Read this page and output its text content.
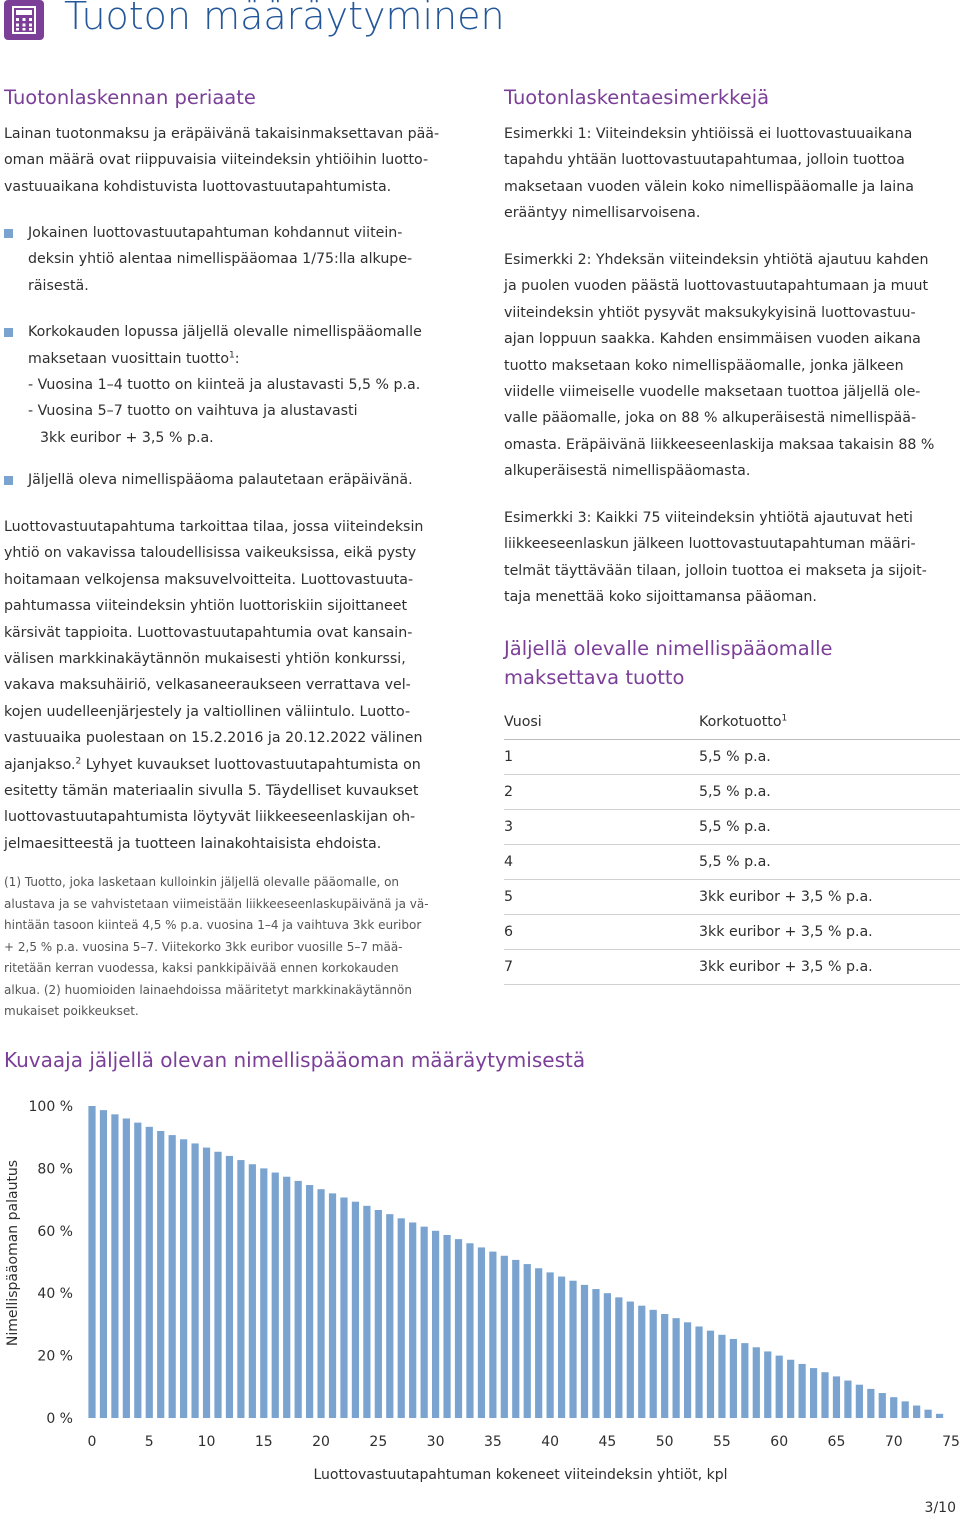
Tuoton määräytyminen
Tuotonlaskennan periaate
Lainan tuotonmaksu ja eräpäivänä takaisinmaksettavan pää-
oman määrä ovat riippuvaisia viiteindeksin yhtiöihin luotto-
vastuuaikana kohdistuvista luottovastuutapahtumista.
Jokainen luottovastuutapahtuman kohdannut viitein-
deksin yhtiö alentaa nimellispääomaa 1/75:lla alkupe-
räisestä.
Korkokauden lopussa jäljellä olevalle nimellispääomalle
maksetaan vuosittain tuotto$^1$:
- Vuosina 1–4 tuotto on kiinteä ja alustavasti 5,5 % p.a.
- Vuosina 5–7 tuotto on vaihtuva ja alustavasti
3kk euribor + 3,5 % p.a.
Jäljellä oleva nimellispääoma palautetaan eräpäivänä.
Luottovastuutapahtuma tarkoittaa tilaa, jossa viiteindeksin
yhtiö on vakavissa taloudellisissa vaikeuksissa, eikä pysty
hoitamaan velkojensa maksuvelvoitteita. Luottovastuuta-
pahtumassa viiteindeksin yhtiön luottoriskiin sijoittaneet
kärsivät tappioita. Luottovastuutapahtumia ovat kansain-
välisen markkinakäytännön mukaisesti yhtiön konkurssi,
vakava maksuhäiriö, velkasaneeraukseen verrattava vel-
kojen uudelleenjärjestely ja valtiollinen väliintulo. Luotto-
vastuuaika puolestaan on 15.2.2016 ja 20.12.2022 välinen
ajanjakso.$^2$ Lyhyet kuvaukset luottovastuutapahtumista on
esitetty tämän materiaalin sivulla 5. Täydelliset kuvaukset
luottovastuutapahtumista löytyvät liikkeeseenlaskijan oh-
jelmaesitteestä ja tuotteen lainakohtaisista ehdoista.
(1) Tuotto, joka lasketaan kulloinkin jäljellä olevalle pääomalle, on
alustava ja se vahvistetaan viimeistään liikkeeseenlaskupäivänä ja vä-
hintään tasoon kiinteä 4,5 % p.a. vuosina 1–4 ja vaihtuva 3kk euribor
+ 2,5 % p.a. vuosina 5–7. Viitekorko 3kk euribor vuosille 5–7 mää-
ritetään kerran vuodessa, kaksi pankkipäivää ennen korkokauden
alkua. (2) huomioiden lainaehdoissa määritetyt markkinakäytännön
mukaiset poikkeukset.
Tuotonlaskentaesimerkkejä
Esimerkki 1: Viiteindeksin yhtiöissä ei luottovastuuaikana
tapahdu yhtään luottovastuutapahtumaa, jolloin tuottoa
maksetaan vuoden välein koko nimellispääomalle ja laina
erääntyy nimellisarvoisena.
Esimerkki 2: Yhdeksän viiteindeksin yhtiötä ajautuu kahden
ja puolen vuoden päästä luottovastuutapahtumaan ja muut
viiteindeksin yhtiöt pysyvät maksukykyisinä luottovastuu-
ajan loppuun saakka. Kahden ensimmäisen vuoden aikana
tuotto maksetaan koko nimellispääomalle, jonka jälkeen
viidelle viimeiselle vuodelle maksetaan tuottoa jäljellä ole-
valle pääomalle, joka on 88 % alkuperäisestä nimellispää-
omasta. Eräpäivänä liikkeeseenlaskija maksaa takaisin 88 %
alkuperäisestä nimellispääomasta.
Esimerkki 3: Kaikki 75 viiteindeksin yhtiötä ajautuvat heti
liikkeeseenlaskun jälkeen luottovastuutapahtuman määri-
telmät täyttävään tilaan, jolloin tuottoa ei makseta ja sijoit-
taja menettää koko sijoittamansa pääoman.
Jäljellä olevalle nimellispääomalle
maksettava tuotto
Vuosi	Korkotuotto$^1$
1	5,5 % p.a.
2	5,5 % p.a.
3	5,5 % p.a.
4	5,5 % p.a.
5	3kk euribor + 3,5 % p.a.
6	3kk euribor + 3,5 % p.a.
7	3kk euribor + 3,5 % p.a.
Kuvaaja jäljellä olevan nimellispääoman määräytymisestä
0 %
20 %
40 %
60 %
80 %
100 %
0	5	10	15	20	25	30	35	40	45	50	55	60	65	70	75
Luottovastuutapahtuman kokeneet viiteindeksin yhtiöt, kpl
Nimellispääoman palautus
3/10
